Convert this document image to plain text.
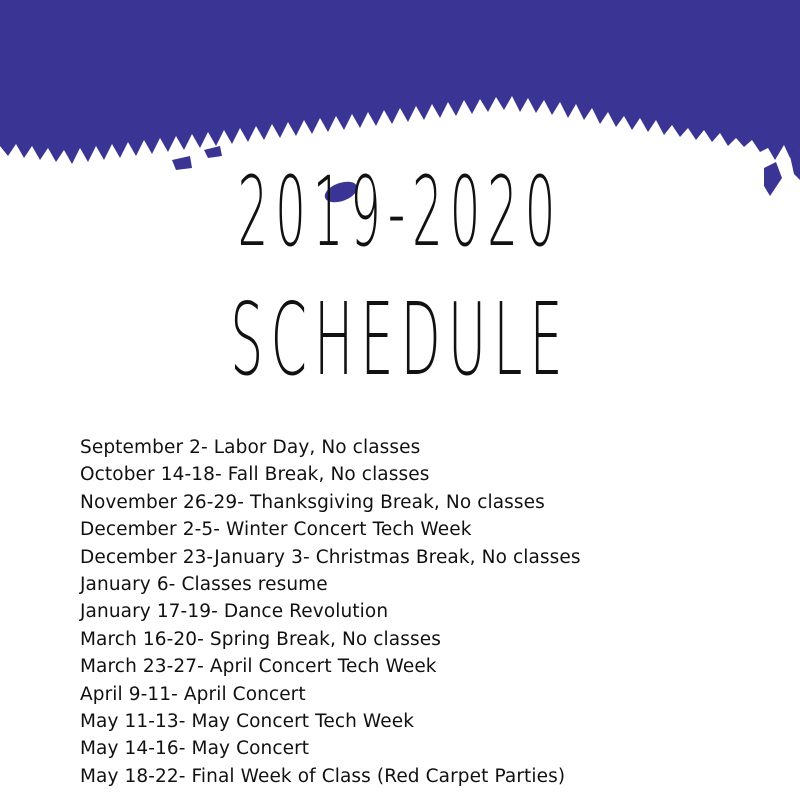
2019-2020
SCHEDULE
September 2- Labor Day, No classes
October 14-18- Fall Break, No classes
November 26-29- Thanksgiving Break, No classes
December 2-5- Winter Concert Tech Week
December 23-January 3- Christmas Break, No classes
January 6- Classes resume
January 17-19- Dance Revolution
March 16-20- Spring Break, No classes
March 23-27- April Concert Tech Week
April 9-11- April Concert
May 11-13- May Concert Tech Week
May 14-16- May Concert
May 18-22- Final Week of Class (Red Carpet Parties)
